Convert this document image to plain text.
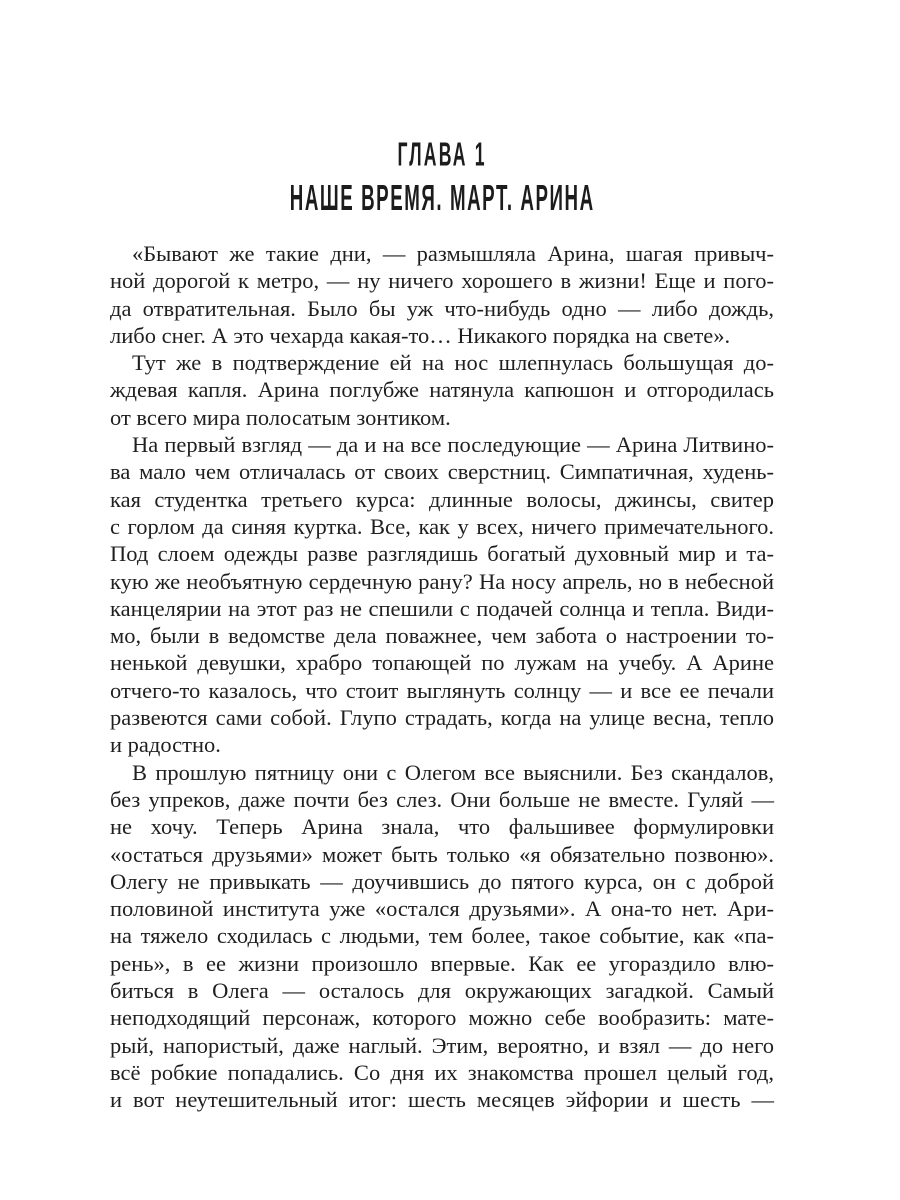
ГЛАВА 1
НАШЕ ВРЕМЯ. МАРТ. АРИНА
«Бывают же такие дни, — размышляла Арина, шагая привыч-
ной дорогой к метро, — ну ничего хорошего в жизни! Еще и пого-
да отвратительная. Было бы уж что-нибудь одно — либо дождь,
либо снег. А это чехарда какая-то… Никакого порядка на свете».
Тут же в подтверждение ей на нос шлепнулась большущая до-
ждевая капля. Арина поглубже натянула капюшон и отгородилась
от всего мира полосатым зонтиком.
На первый взгляд — да и на все последующие — Арина Литвино-
ва мало чем отличалась от своих сверстниц. Симпатичная, худень-
кая студентка третьего курса: длинные волосы, джинсы, свитер
с горлом да синяя куртка. Все, как у всех, ничего примечательного.
Под слоем одежды разве разглядишь богатый духовный мир и та-
кую же необъятную сердечную рану? На носу апрель, но в небесной
канцелярии на этот раз не спешили с подачей солнца и тепла. Види-
мо, были в ведомстве дела поважнее, чем забота о настроении то-
ненькой девушки, храбро топающей по лужам на учебу. А Арине
отчего-то казалось, что стоит выглянуть солнцу — и все ее печали
развеются сами собой. Глупо страдать, когда на улице весна, тепло
и радостно.
В прошлую пятницу они с Олегом все выяснили. Без скандалов,
без упреков, даже почти без слез. Они больше не вместе. Гуляй —
не хочу. Теперь Арина знала, что фальшивее формулировки
«остаться друзьями» может быть только «я обязательно позвоню».
Олегу не привыкать — доучившись до пятого курса, он с доброй
половиной института уже «остался друзьями». А она-то нет. Ари-
на тяжело сходилась с людьми, тем более, такое событие, как «па-
рень», в ее жизни произошло впервые. Как ее угораздило влю-
биться в Олега — осталось для окружающих загадкой. Самый
неподходящий персонаж, которого можно себе вообразить: мате-
рый, напористый, даже наглый. Этим, вероятно, и взял — до него
всё робкие попадались. Со дня их знакомства прошел целый год,
и вот неутешительный итог: шесть месяцев эйфории и шесть —
